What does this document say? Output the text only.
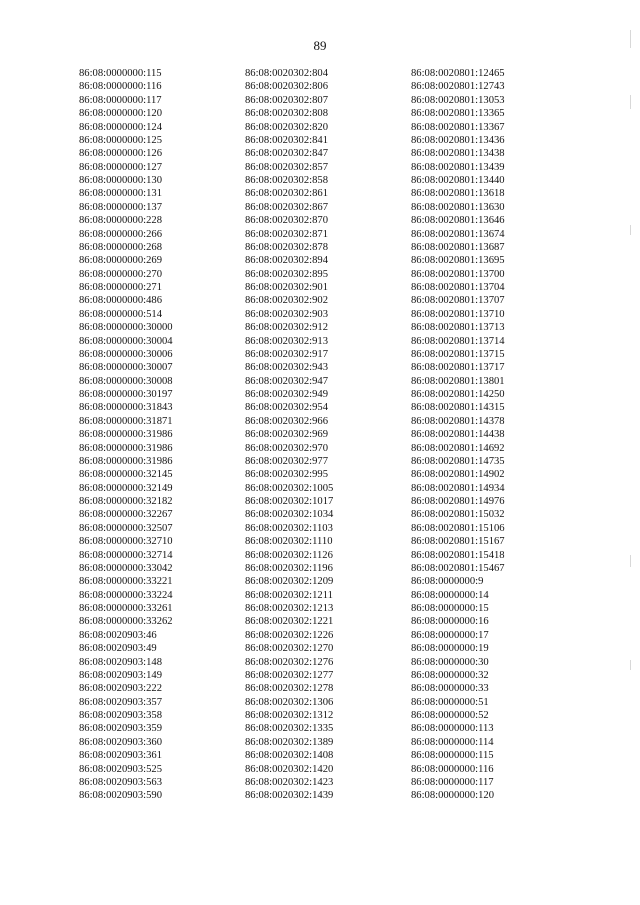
89
86:08:0000000:115
86:08:0000000:116
86:08:0000000:117
86:08:0000000:120
86:08:0000000:124
86:08:0000000:125
86:08:0000000:126
86:08:0000000:127
86:08:0000000:130
86:08:0000000:131
86:08:0000000:137
86:08:0000000:228
86:08:0000000:266
86:08:0000000:268
86:08:0000000:269
86:08:0000000:270
86:08:0000000:271
86:08:0000000:486
86:08:0000000:514
86:08:0000000:30000
86:08:0000000:30004
86:08:0000000:30006
86:08:0000000:30007
86:08:0000000:30008
86:08:0000000:30197
86:08:0000000:31843
86:08:0000000:31871
86:08:0000000:31986
86:08:0000000:31986
86:08:0000000:31986
86:08:0000000:32145
86:08:0000000:32149
86:08:0000000:32182
86:08:0000000:32267
86:08:0000000:32507
86:08:0000000:32710
86:08:0000000:32714
86:08:0000000:33042
86:08:0000000:33221
86:08:0000000:33224
86:08:0000000:33261
86:08:0000000:33262
86:08:0020903:46
86:08:0020903:49
86:08:0020903:148
86:08:0020903:149
86:08:0020903:222
86:08:0020903:357
86:08:0020903:358
86:08:0020903:359
86:08:0020903:360
86:08:0020903:361
86:08:0020903:525
86:08:0020903:563
86:08:0020903:590
86:08:0020302:804
86:08:0020302:806
86:08:0020302:807
86:08:0020302:808
86:08:0020302:820
86:08:0020302:841
86:08:0020302:847
86:08:0020302:857
86:08:0020302:858
86:08:0020302:861
86:08:0020302:867
86:08:0020302:870
86:08:0020302:871
86:08:0020302:878
86:08:0020302:894
86:08:0020302:895
86:08:0020302:901
86:08:0020302:902
86:08:0020302:903
86:08:0020302:912
86:08:0020302:913
86:08:0020302:917
86:08:0020302:943
86:08:0020302:947
86:08:0020302:949
86:08:0020302:954
86:08:0020302:966
86:08:0020302:969
86:08:0020302:970
86:08:0020302:977
86:08:0020302:995
86:08:0020302:1005
86:08:0020302:1017
86:08:0020302:1034
86:08:0020302:1103
86:08:0020302:1110
86:08:0020302:1126
86:08:0020302:1196
86:08:0020302:1209
86:08:0020302:1211
86:08:0020302:1213
86:08:0020302:1221
86:08:0020302:1226
86:08:0020302:1270
86:08:0020302:1276
86:08:0020302:1277
86:08:0020302:1278
86:08:0020302:1306
86:08:0020302:1312
86:08:0020302:1335
86:08:0020302:1389
86:08:0020302:1408
86:08:0020302:1420
86:08:0020302:1423
86:08:0020302:1439
86:08:0020801:12465
86:08:0020801:12743
86:08:0020801:13053
86:08:0020801:13365
86:08:0020801:13367
86:08:0020801:13436
86:08:0020801:13438
86:08:0020801:13439
86:08:0020801:13440
86:08:0020801:13618
86:08:0020801:13630
86:08:0020801:13646
86:08:0020801:13674
86:08:0020801:13687
86:08:0020801:13695
86:08:0020801:13700
86:08:0020801:13704
86:08:0020801:13707
86:08:0020801:13710
86:08:0020801:13713
86:08:0020801:13714
86:08:0020801:13715
86:08:0020801:13717
86:08:0020801:13801
86:08:0020801:14250
86:08:0020801:14315
86:08:0020801:14378
86:08:0020801:14438
86:08:0020801:14692
86:08:0020801:14735
86:08:0020801:14902
86:08:0020801:14934
86:08:0020801:14976
86:08:0020801:15032
86:08:0020801:15106
86:08:0020801:15167
86:08:0020801:15418
86:08:0020801:15467
86:08:0000000:9
86:08:0000000:14
86:08:0000000:15
86:08:0000000:16
86:08:0000000:17
86:08:0000000:19
86:08:0000000:30
86:08:0000000:32
86:08:0000000:33
86:08:0000000:51
86:08:0000000:52
86:08:0000000:113
86:08:0000000:114
86:08:0000000:115
86:08:0000000:116
86:08:0000000:117
86:08:0000000:120
